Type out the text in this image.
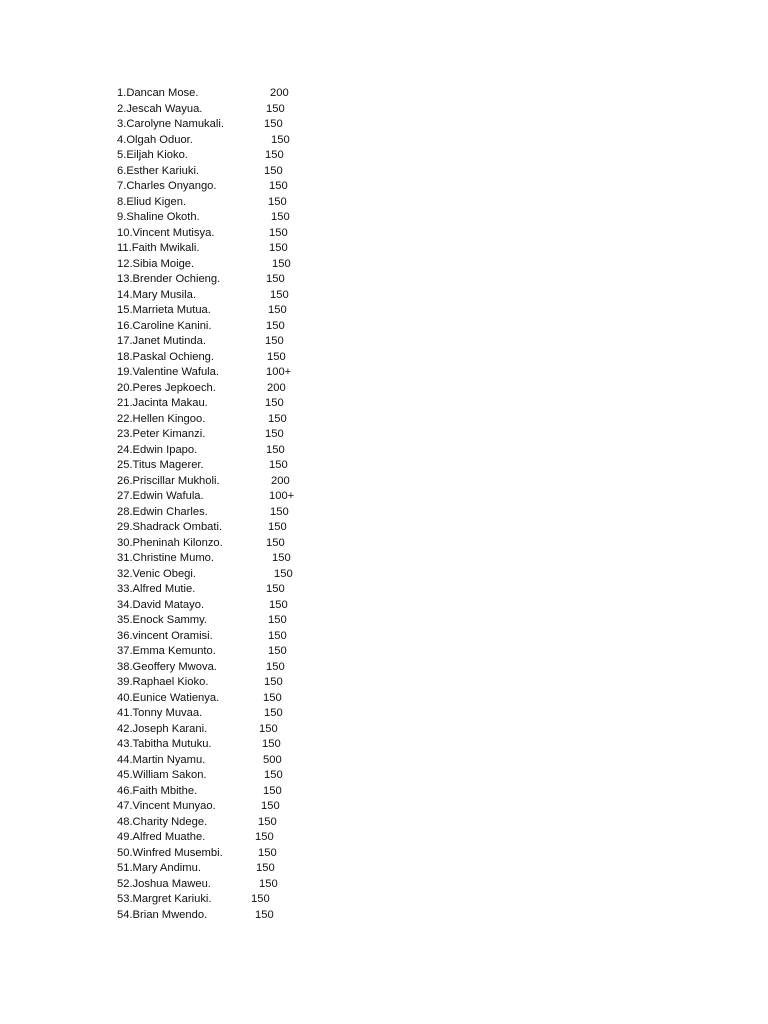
1.Dancan Mose.	200
2.Jescah Wayua.	150
3.Carolyne Namukali.	150
4.Olgah Oduor.	150
5.Eiljah Kioko.	150
6.Esther Kariuki.	150
7.Charles Onyango.	150
8.Eliud Kigen.	150
9.Shaline Okoth.	150
10.Vincent Mutisya.	150
11.Faith Mwikali.	150
12.Sibia Moige.	150
13.Brender Ochieng.	150
14.Mary Musila.	150
15.Marrieta Mutua.	150
16.Caroline Kanini.	150
17.Janet Mutinda.	150
18.Paskal Ochieng.	150
19.Valentine Wafula.	100+
20.Peres Jepkoech.	200
21.Jacinta Makau.	150
22.Hellen Kingoo.	150
23.Peter Kimanzi.	150
24.Edwin Ipapo.	150
25.Titus Magerer.	150
26.Priscillar Mukholi.	200
27.Edwin Wafula.	100+
28.Edwin Charles.	150
29.Shadrack Ombati.	150
30.Pheninah Kilonzo.	150
31.Christine Mumo.	150
32.Venic Obegi.	150
33.Alfred Mutie.	150
34.David Matayo.	150
35.Enock Sammy.	150
36.vincent Oramisi.	150
37.Emma Kemunto.	150
38.Geoffery Mwova.	150
39.Raphael Kioko.	150
40.Eunice Watienya.	150
41.Tonny Muvaa.	150
42.Joseph Karani.	150
43.Tabitha Mutuku.	150
44.Martin Nyamu.	500
45.William Sakon.	150
46.Faith Mbithe.	150
47.Vincent Munyao.	150
48.Charity Ndege.	150
49.Alfred Muathe.	150
50.Winfred Musembi.	150
51.Mary Andimu.	150
52.Joshua Maweu.	150
53.Margret Kariuki.	150
54.Brian Mwendo.	150
